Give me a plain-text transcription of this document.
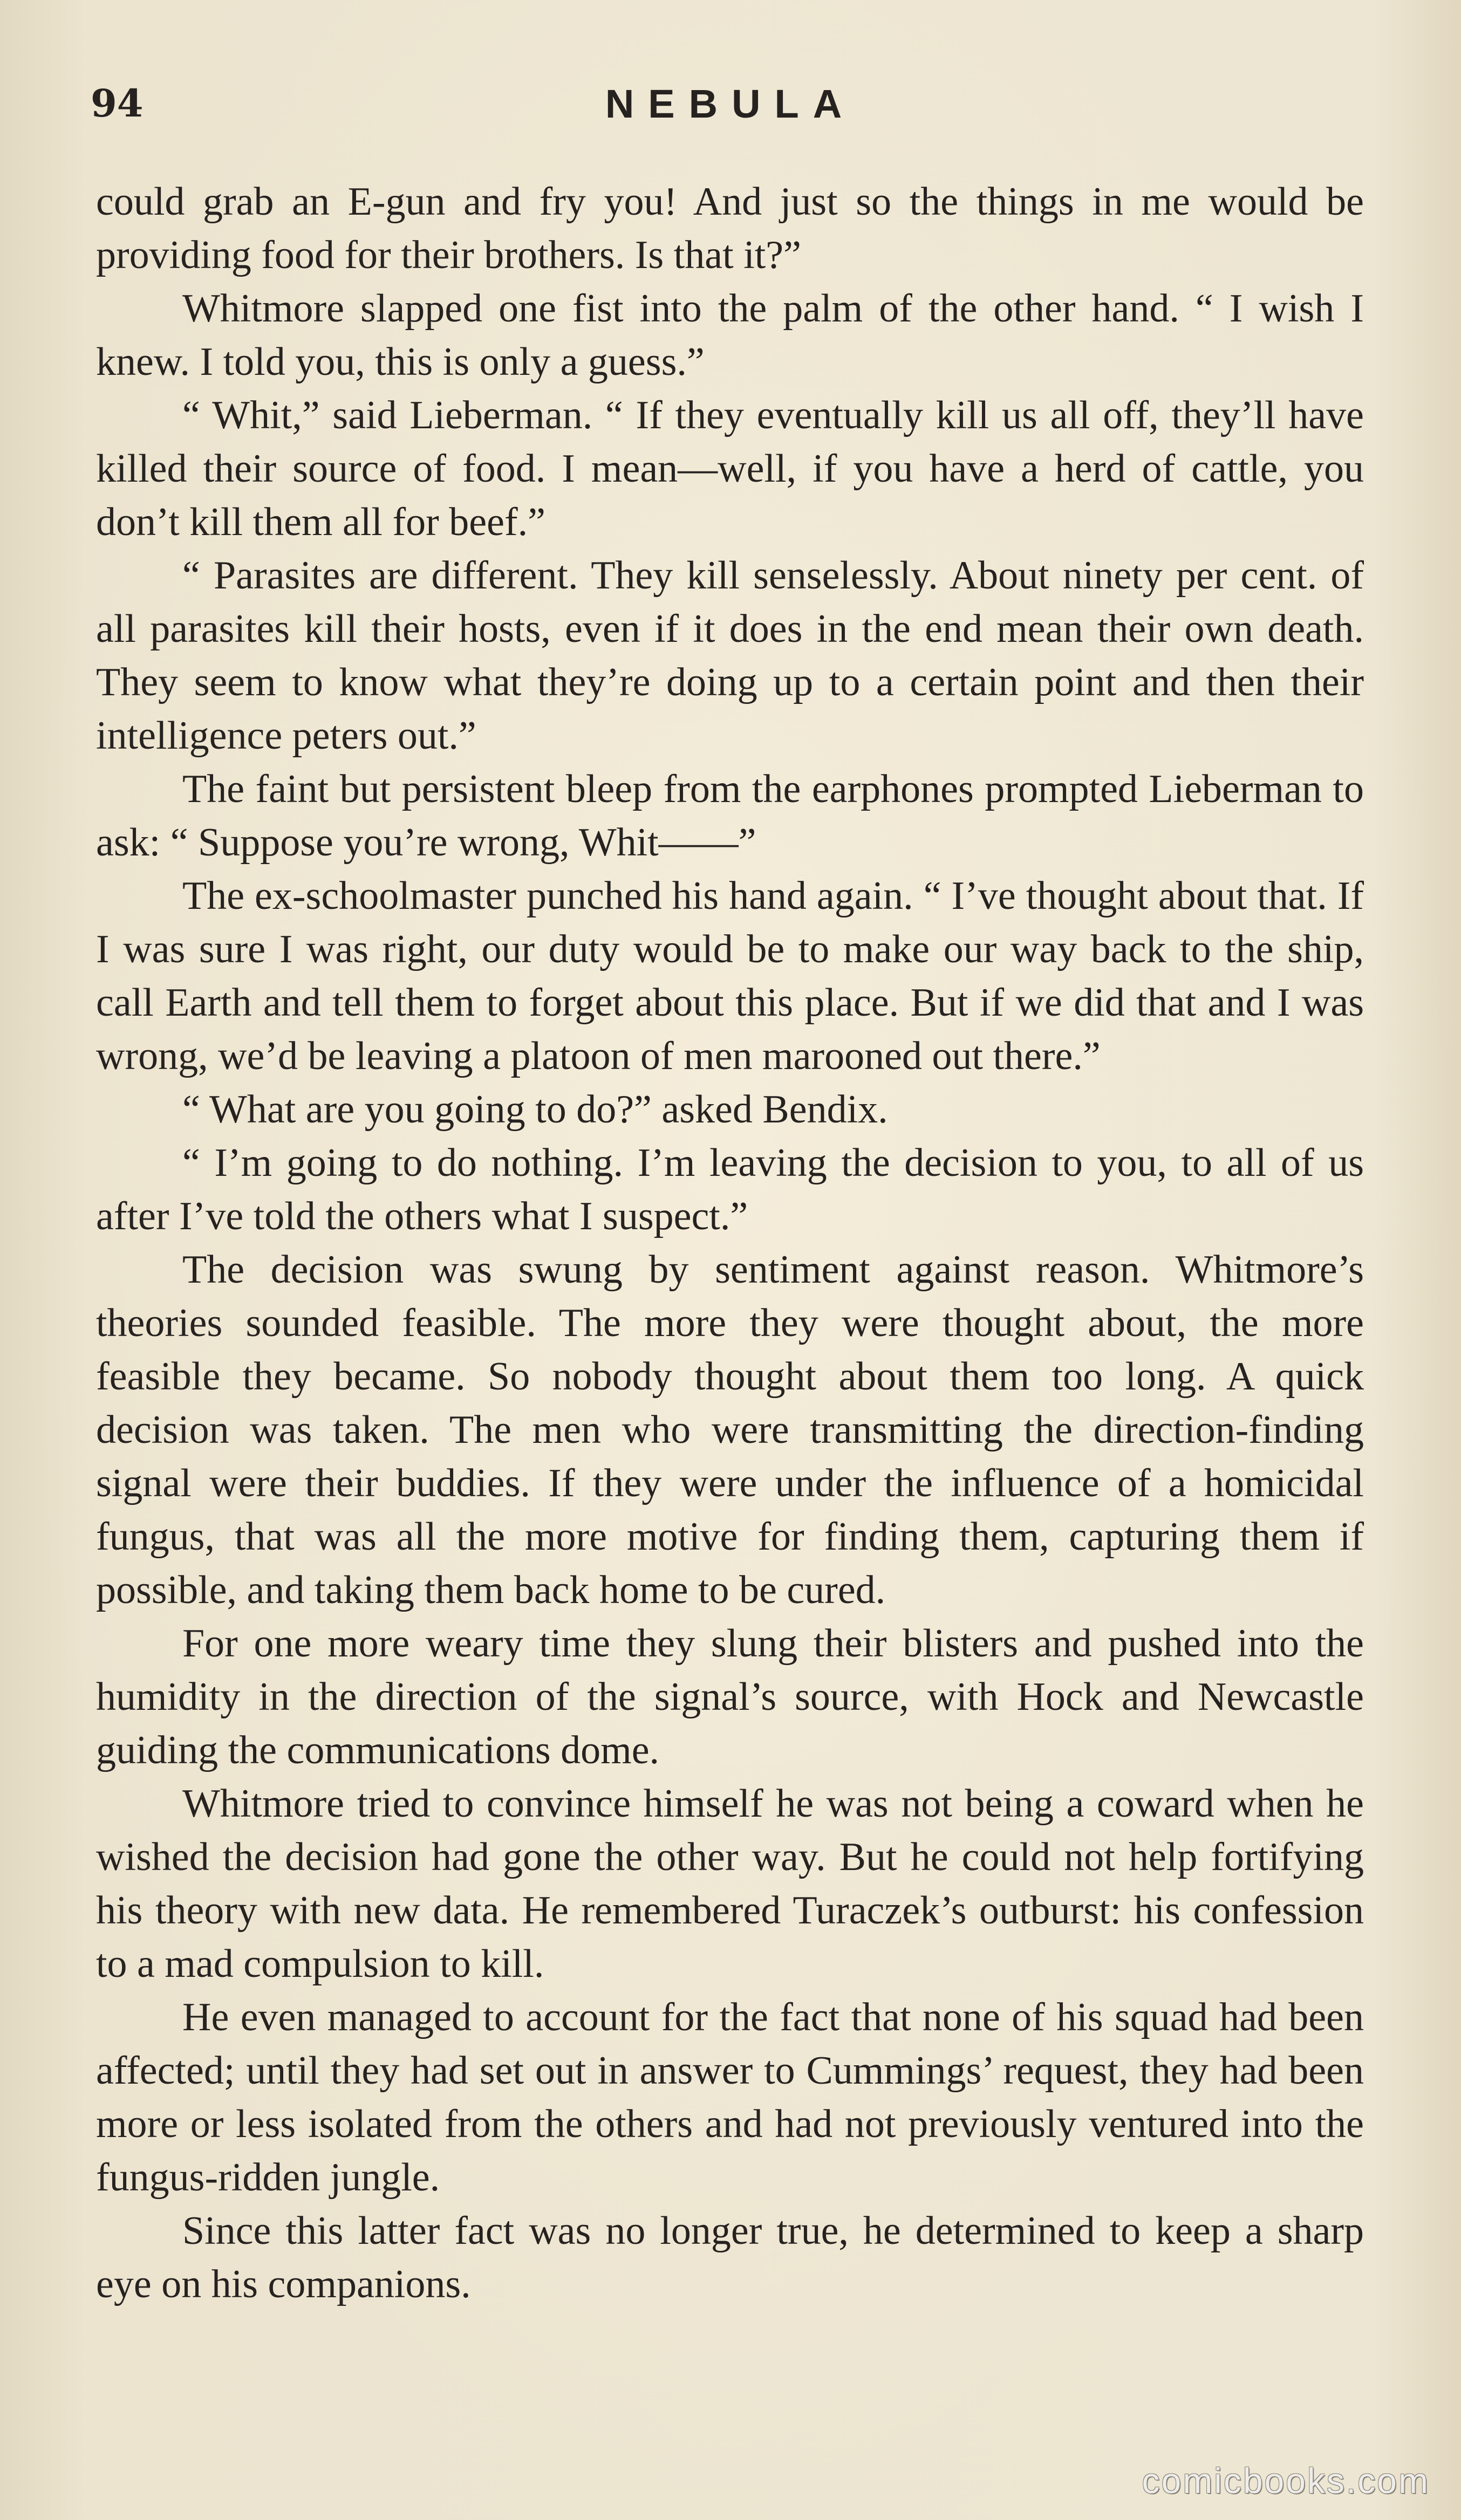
94	NEBULA

could grab an E-gun and fry you! And just so the things in me would be providing food for their brothers. Is that it?”

Whitmore slapped one fist into the palm of the other hand. “ I wish I knew. I told you, this is only a guess.”

“ Whit,” said Lieberman. “ If they eventually kill us all off, they’ll have killed their source of food. I mean—well, if you have a herd of cattle, you don’t kill them all for beef.”

“ Parasites are different. They kill senselessly. About ninety per cent. of all parasites kill their hosts, even if it does in the end mean their own death. They seem to know what they’re doing up to a certain point and then their intelligence peters out.”

The faint but persistent bleep from the earphones prompted Lieberman to ask: “ Suppose you’re wrong, Whit——”

The ex-schoolmaster punched his hand again. “ I’ve thought about that. If I was sure I was right, our duty would be to make our way back to the ship, call Earth and tell them to forget about this place. But if we did that and I was wrong, we’d be leaving a platoon of men marooned out there.”

“ What are you going to do?” asked Bendix.

“ I’m going to do nothing. I’m leaving the decision to you, to all of us after I’ve told the others what I suspect.”

The decision was swung by sentiment against reason. Whitmore’s theories sounded feasible. The more they were thought about, the more feasible they became. So nobody thought about them too long. A quick decision was taken. The men who were transmitting the direction-finding signal were their buddies. If they were under the influence of a homicidal fungus, that was all the more motive for finding them, capturing them if possible, and taking them back home to be cured.

For one more weary time they slung their blisters and pushed into the humidity in the direction of the signal’s source, with Hock and Newcastle guiding the communications dome.

Whitmore tried to convince himself he was not being a coward when he wished the decision had gone the other way. But he could not help fortifying his theory with new data. He remembered Turaczek’s outburst: his confession to a mad compulsion to kill.

He even managed to account for the fact that none of his squad had been affected; until they had set out in answer to Cummings’ request, they had been more or less isolated from the others and had not previously ventured into the fungus-ridden jungle.

Since this latter fact was no longer true, he determined to keep a sharp eye on his companions.

comicbooks.com
